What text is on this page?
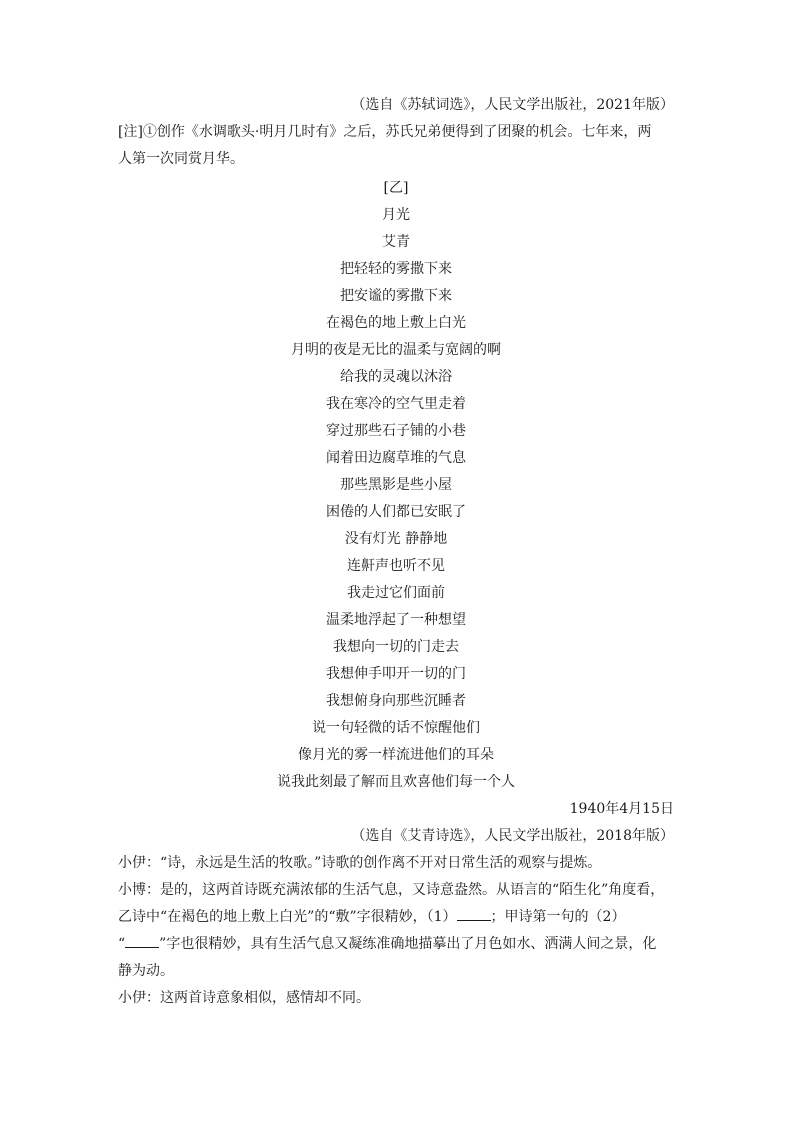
（选自《苏轼词选》，人民文学出版社，2021年版）
[注]①创作《水调歌头·明月几时有》之后，苏氏兄弟便得到了团聚的机会。七年来，两
人第一次同赏月华。
[乙]
月光
艾青
把轻轻的雾撒下来
把安谧的雾撒下来
在褐色的地上敷上白光
月明的夜是无比的温柔与宽阔的啊
给我的灵魂以沐浴
我在寒冷的空气里走着
穿过那些石子铺的小巷
闻着田边腐草堆的气息
那些黑影是些小屋
困倦的人们都已安眠了
没有灯光 静静地
连鼾声也听不见
我走过它们面前
温柔地浮起了一种想望
我想向一切的门走去
我想伸手叩开一切的门
我想俯身向那些沉睡者
说一句轻微的话不惊醒他们
像月光的雾一样流进他们的耳朵
说我此刻最了解而且欢喜他们每一个人
1940年4月15日
（选自《艾青诗选》，人民文学出版社，2018年版）
小伊：“诗，永远是生活的牧歌。”诗歌的创作离不开对日常生活的观察与提炼。
小博：是的，这两首诗既充满浓郁的生活气息，又诗意盎然。从语言的“陌生化”角度看，
乙诗中“在褐色的地上敷上白光”的“敷”字很精妙，（1） ；甲诗第一句的（2）
“ ”字也很精妙，具有生活气息又凝练准确地描摹出了月色如水、洒满人间之景，化
静为动。
小伊：这两首诗意象相似，感情却不同。
